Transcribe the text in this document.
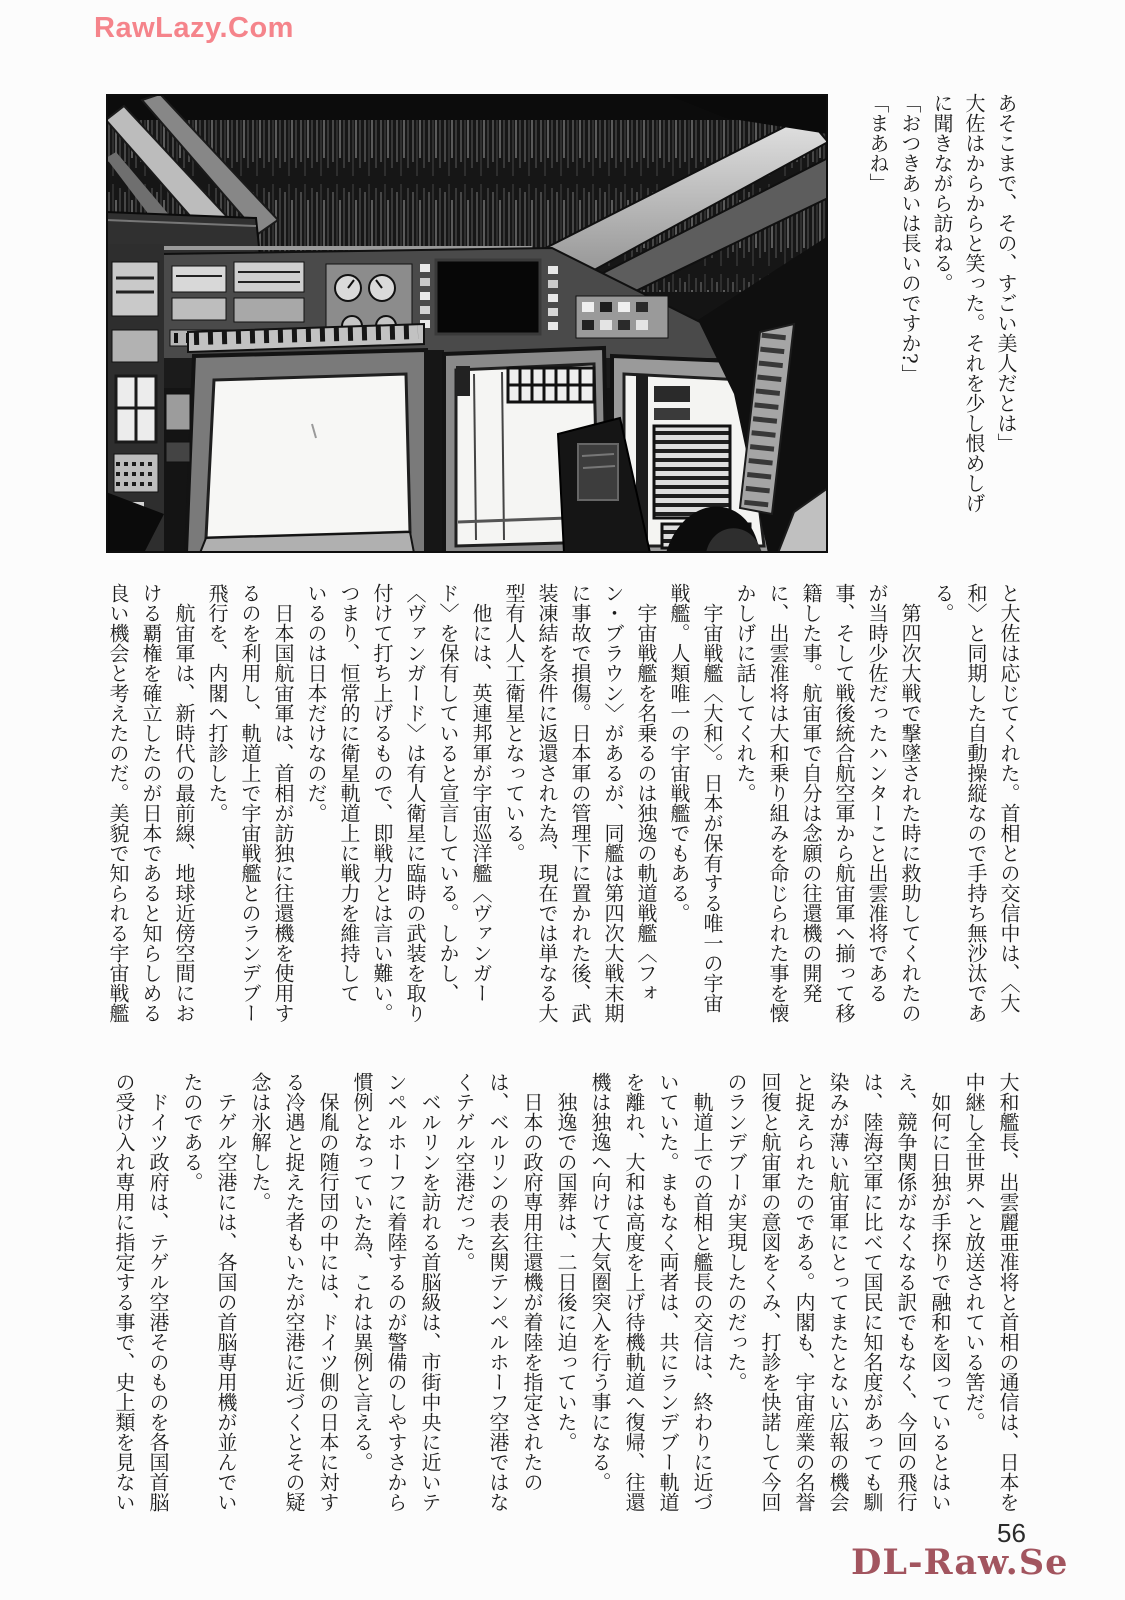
RawLazy.Com
あそこまで、その、すごい美人だとは」
大佐はからからと笑った。それを少し恨めしげ
に聞きながら訪ねる。
「おつきあいは長いのですか?」
「まあね」
と大佐は応じてくれた。首相との交信中は、〈大
和〉と同期した自動操縦なので手持ち無沙汰であ
る。
　第四次大戦で撃墜された時に救助してくれたの
が当時少佐だったハンターこと出雲准将である
事、そして戦後統合航空軍から航宙軍へ揃って移
籍した事。航宙軍で自分は念願の往還機の開発
に、出雲准将は大和乗り組みを命じられた事を懐
かしげに話してくれた。
　宇宙戦艦〈大和〉。日本が保有する唯一の宇宙
戦艦。人類唯一の宇宙戦艦でもある。
　宇宙戦艦を名乗るのは独逸の軌道戦艦〈フォ
ン・ブラウン〉があるが、同艦は第四次大戦末期
に事故で損傷。日本軍の管理下に置かれた後、武
装凍結を条件に返還された為、現在では単なる大
型有人人工衛星となっている。
　他には、英連邦軍が宇宙巡洋艦〈ヴァンガー
ド〉を保有していると宣言している。しかし、
〈ヴァンガード〉は有人衛星に臨時の武装を取り
付けて打ち上げるもので、即戦力とは言い難い。
つまり、恒常的に衛星軌道上に戦力を維持して
いるのは日本だけなのだ。
　日本国航宙軍は、首相が訪独に往還機を使用す
るのを利用し、軌道上で宇宙戦艦とのランデブー
飛行を、内閣へ打診した。
　航宙軍は、新時代の最前線、地球近傍空間にお
ける覇権を確立したのが日本であると知らしめる
良い機会と考えたのだ。美貌で知られる宇宙戦艦
大和艦長、出雲麗亜准将と首相の通信は、日本を
中継し全世界へと放送されている筈だ。
　如何に日独が手探りで融和を図っているとはい
え、競争関係がなくなる訳でもなく、今回の飛行
は、陸海空軍に比べて国民に知名度があっても馴
染みが薄い航宙軍にとってまたとない広報の機会
と捉えられたのである。内閣も、宇宙産業の名誉
回復と航宙軍の意図をくみ、打診を快諾して今回
のランデブーが実現したのだった。
　軌道上での首相と艦長の交信は、終わりに近づ
いていた。まもなく両者は、共にランデブー軌道
を離れ、大和は高度を上げ待機軌道へ復帰、往還
機は独逸へ向けて大気圏突入を行う事になる。
　独逸での国葬は、二日後に迫っていた。
　日本の政府専用往還機が着陸を指定されたの
は、ベルリンの表玄関テンペルホーフ空港ではな
くテゲル空港だった。
　ベルリンを訪れる首脳級は、市街中央に近いテ
ンペルホーフに着陸するのが警備のしやすさから
慣例となっていた為、これは異例と言える。
　保胤の随行団の中には、ドイツ側の日本に対す
る冷遇と捉えた者もいたが空港に近づくとその疑
念は氷解した。
　テゲル空港には、各国の首脳専用機が並んでい
たのである。
　ドイツ政府は、テゲル空港そのものを各国首脳
の受け入れ専用に指定する事で、史上類を見ない
56
DL-Raw.Se
